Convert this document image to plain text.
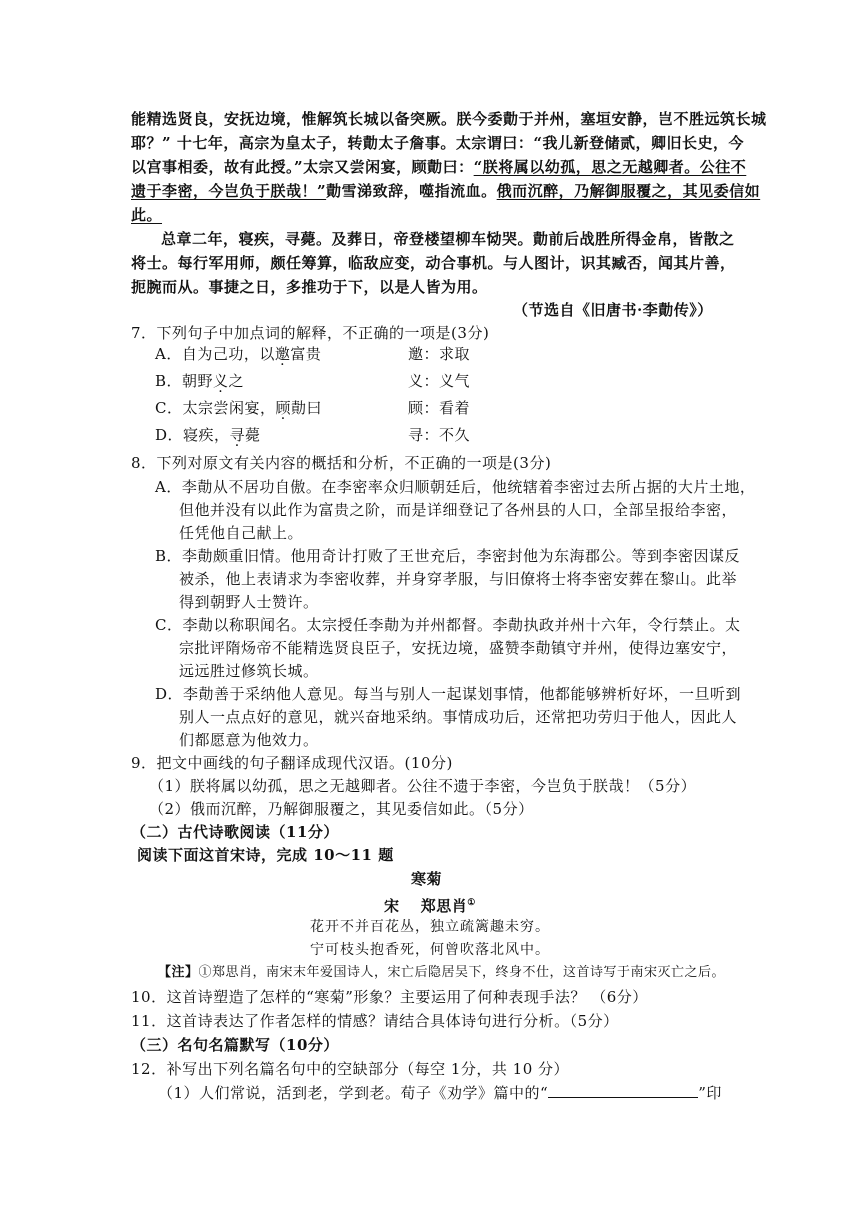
能精选贤良，安抚边境，惟解筑长城以备突厥。朕今委勣于并州，塞垣安静，岂不胜远筑长城
耶？” 十七年，高宗为皇太子，转勣太子詹事。太宗谓曰：“我儿新登储贰，卿旧长史，今
以宫事相委，故有此授。”太宗又尝闲宴，顾勣曰：“朕将属以幼孤，思之无越卿者。公往不
遗于李密，今岂负于朕哉！”勣雪涕致辞，噬指流血。俄而沉醉，乃解御服覆之，其见委信如
此。
总章二年，寝疾，寻薨。及葬日，帝登楼望柳车恸哭。勣前后战胜所得金帛，皆散之
将士。每行军用师，颇任筹算，临敌应变，动合事机。与人图计，识其臧否，闻其片善，
扼腕而从。事捷之日，多推功于下，以是人皆为用。
（节选自《旧唐书·李勣传》）
7．下列句子中加点词的解释，不正确的一项是(3分)
A．自为己功，以邀富贵	邀：求取
B．朝野义之	义：义气
C．太宗尝闲宴，顾勣曰	顾：看着
D．寝疾，寻薨	寻：不久
8．下列对原文有关内容的概括和分析，不正确的一项是(3分)
A．李勣从不居功自傲。在李密率众归顺朝廷后，他统辖着李密过去所占据的大片土地，
但他并没有以此作为富贵之阶，而是详细登记了各州县的人口，全部呈报给李密，
任凭他自己献上。
B．李勣颇重旧情。他用奇计打败了王世充后，李密封他为东海郡公。等到李密因谋反
被杀，他上表请求为李密收葬，并身穿孝服，与旧僚将士将李密安葬在黎山。此举
得到朝野人士赞许。
C．李勣以称职闻名。太宗授任李勣为并州都督。李勣执政并州十六年，令行禁止。太
宗批评隋炀帝不能精选贤良臣子，安抚边境，盛赞李勣镇守并州，使得边塞安宁，
远远胜过修筑长城。
D．李勣善于采纳他人意见。每当与别人一起谋划事情，他都能够辨析好坏，一旦听到
别人一点点好的意见，就兴奋地采纳。事情成功后，还常把功劳归于他人，因此人
们都愿意为他效力。
9．把文中画线的句子翻译成现代汉语。(10分)
（1）朕将属以幼孤，思之无越卿者。公往不遗于李密，今岂负于朕哉！（5分）
（2）俄而沉醉，乃解御服覆之，其见委信如此。（5分）
（二）古代诗歌阅读（11分）
阅读下面这首宋诗，完成 10～11 题
寒菊
宋　 郑思肖①
花开不并百花丛，独立疏篱趣未穷。
宁可枝头抱香死，何曾吹落北风中。
【注】①郑思肖，南宋末年爱国诗人，宋亡后隐居吴下，终身不仕，这首诗写于南宋灭亡之后。
10．这首诗塑造了怎样的“寒菊”形象？主要运用了何种表现手法？ （6分）
11．这首诗表达了作者怎样的情感？请结合具体诗句进行分析。（5分）
（三）名句名篇默写（10分）
12．补写出下列名篇名句中的空缺部分（每空 1分，共 10 分）
（1）人们常说，活到老，学到老。荀子《劝学》篇中的“	”印
